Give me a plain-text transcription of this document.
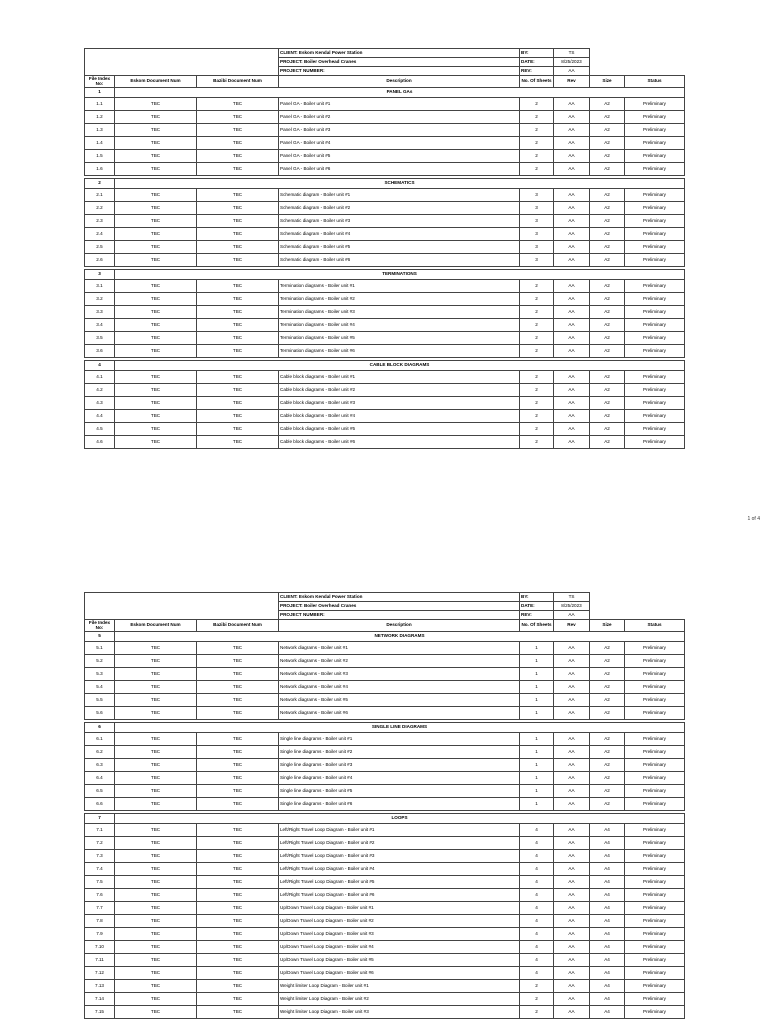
			CLIENT: Eskom Kendal Power Station	BY:	TS		
			PROJECT: Boiler Overhead Cranes	DATE:	8/25/2023		
			PROJECT NUMBER:	REV:	AA		
File Index No:	Eskom Document Num	Bazibi Document Num	Description	No. Of Sheets	Rev	Size	Status
1	PANEL GAs						
1.1	TBC	TBC	Panel GA - Boiler unit #1	2	AA	A2	Preliminary
1.2	TBC	TBC	Panel GA - Boiler unit #2	2	AA	A2	Preliminary
1.3	TBC	TBC	Panel GA - Boiler unit #3	2	AA	A2	Preliminary
1.4	TBC	TBC	Panel GA - Boiler unit #4	2	AA	A2	Preliminary
1.5	TBC	TBC	Panel GA - Boiler unit #5	2	AA	A2	Preliminary
1.6	TBC	TBC	Panel GA - Boiler unit #6	2	AA	A2	Preliminary

2	SCHEMATICS						
2.1	TBC	TBC	Schematic diagram - Boiler unit #1	3	AA	A2	Preliminary
2.2	TBC	TBC	Schematic diagram - Boiler unit #2	3	AA	A2	Preliminary
2.3	TBC	TBC	Schematic diagram - Boiler unit #3	3	AA	A2	Preliminary
2.4	TBC	TBC	Schematic diagram - Boiler unit #4	3	AA	A2	Preliminary
2.5	TBC	TBC	Schematic diagram - Boiler unit #5	3	AA	A2	Preliminary
2.6	TBC	TBC	Schematic diagram - Boiler unit #6	3	AA	A2	Preliminary

3	TERMINATIONS						
3.1	TBC	TBC	Termination diagrams - Boiler unit #1	2	AA	A2	Preliminary
3.2	TBC	TBC	Termination diagrams - Boiler unit #2	2	AA	A2	Preliminary
3.3	TBC	TBC	Termination diagrams - Boiler unit #3	2	AA	A2	Preliminary
3.4	TBC	TBC	Termination diagrams - Boiler unit #4	2	AA	A2	Preliminary
3.5	TBC	TBC	Termination diagrams - Boiler unit #5	2	AA	A2	Preliminary
3.6	TBC	TBC	Termination diagrams - Boiler unit #6	2	AA	A2	Preliminary

4	CABLE BLOCK DIAGRAMS						
4.1	TBC	TBC	Cable block diagrams - Boiler unit #1	2	AA	A2	Preliminary
4.2	TBC	TBC	Cable block diagrams - Boiler unit #2	2	AA	A2	Preliminary
4.3	TBC	TBC	Cable block diagrams - Boiler unit #3	2	AA	A2	Preliminary
4.4	TBC	TBC	Cable block diagrams - Boiler unit #4	2	AA	A2	Preliminary
4.5	TBC	TBC	Cable block diagrams - Boiler unit #5	2	AA	A2	Preliminary
4.6	TBC	TBC	Cable block diagrams - Boiler unit #6	2	AA	A2	Preliminary
1 of 4
			CLIENT: Eskom Kendal Power Station	BY:	TS		
			PROJECT: Boiler Overhead Cranes	DATE:	8/25/2023		
			PROJECT NUMBER:	REV:	AA		
File Index No:	Eskom Document Num	Bazibi Document Num	Description	No. Of Sheets	Rev	Size	Status
5	NETWORK DIAGRAMS						
5.1	TBC	TBC	Network diagrams - Boiler unit #1	1	AA	A2	Preliminary
5.2	TBC	TBC	Network diagrams - Boiler unit #2	1	AA	A2	Preliminary
5.3	TBC	TBC	Network diagrams - Boiler unit #3	1	AA	A2	Preliminary
5.4	TBC	TBC	Network diagrams - Boiler unit #4	1	AA	A2	Preliminary
5.5	TBC	TBC	Network diagrams - Boiler unit #5	1	AA	A2	Preliminary
5.6	TBC	TBC	Network diagrams - Boiler unit #6	1	AA	A2	Preliminary

6	SINGLE LINE DIAGRAMS						
6.1	TBC	TBC	Single line diagrams - Boiler unit #1	1	AA	A2	Preliminary
6.2	TBC	TBC	Single line diagrams - Boiler unit #2	1	AA	A2	Preliminary
6.3	TBC	TBC	Single line diagrams - Boiler unit #3	1	AA	A2	Preliminary
6.4	TBC	TBC	Single line diagrams - Boiler unit #4	1	AA	A2	Preliminary
6.5	TBC	TBC	Single line diagrams - Boiler unit #5	1	AA	A2	Preliminary
6.6	TBC	TBC	Single line diagrams - Boiler unit #6	1	AA	A2	Preliminary

7	LOOPS						
7.1	TBC	TBC	Left/Right Travel Loop Diagram - Boiler unit #1	4	AA	A4	Preliminary
7.2	TBC	TBC	Left/Right Travel Loop Diagram - Boiler unit #2	4	AA	A4	Preliminary
7.3	TBC	TBC	Left/Right Travel Loop Diagram - Boiler unit #3	4	AA	A4	Preliminary
7.4	TBC	TBC	Left/Right Travel Loop Diagram - Boiler unit #4	4	AA	A4	Preliminary
7.5	TBC	TBC	Left/Right Travel Loop Diagram - Boiler unit #5	4	AA	A4	Preliminary
7.6	TBC	TBC	Left/Right Travel Loop Diagram - Boiler unit #6	4	AA	A4	Preliminary
7.7	TBC	TBC	Up/Down Travel Loop Diagram - Boiler unit #1	4	AA	A4	Preliminary
7.8	TBC	TBC	Up/Down Travel Loop Diagram - Boiler unit #2	4	AA	A4	Preliminary
7.9	TBC	TBC	Up/Down Travel Loop Diagram - Boiler unit #3	4	AA	A4	Preliminary
7.10	TBC	TBC	Up/Down Travel Loop Diagram - Boiler unit #4	4	AA	A4	Preliminary
7.11	TBC	TBC	Up/Down Travel Loop Diagram - Boiler unit #5	4	AA	A4	Preliminary
7.12	TBC	TBC	Up/Down Travel Loop Diagram - Boiler unit #6	4	AA	A4	Preliminary
7.13	TBC	TBC	Weight limiter Loop Diagram - Boiler unit #1	2	AA	A4	Preliminary
7.14	TBC	TBC	Weight limiter Loop Diagram - Boiler unit #2	2	AA	A4	Preliminary
7.15	TBC	TBC	Weight limiter Loop Diagram - Boiler unit #3	2	AA	A4	Preliminary
